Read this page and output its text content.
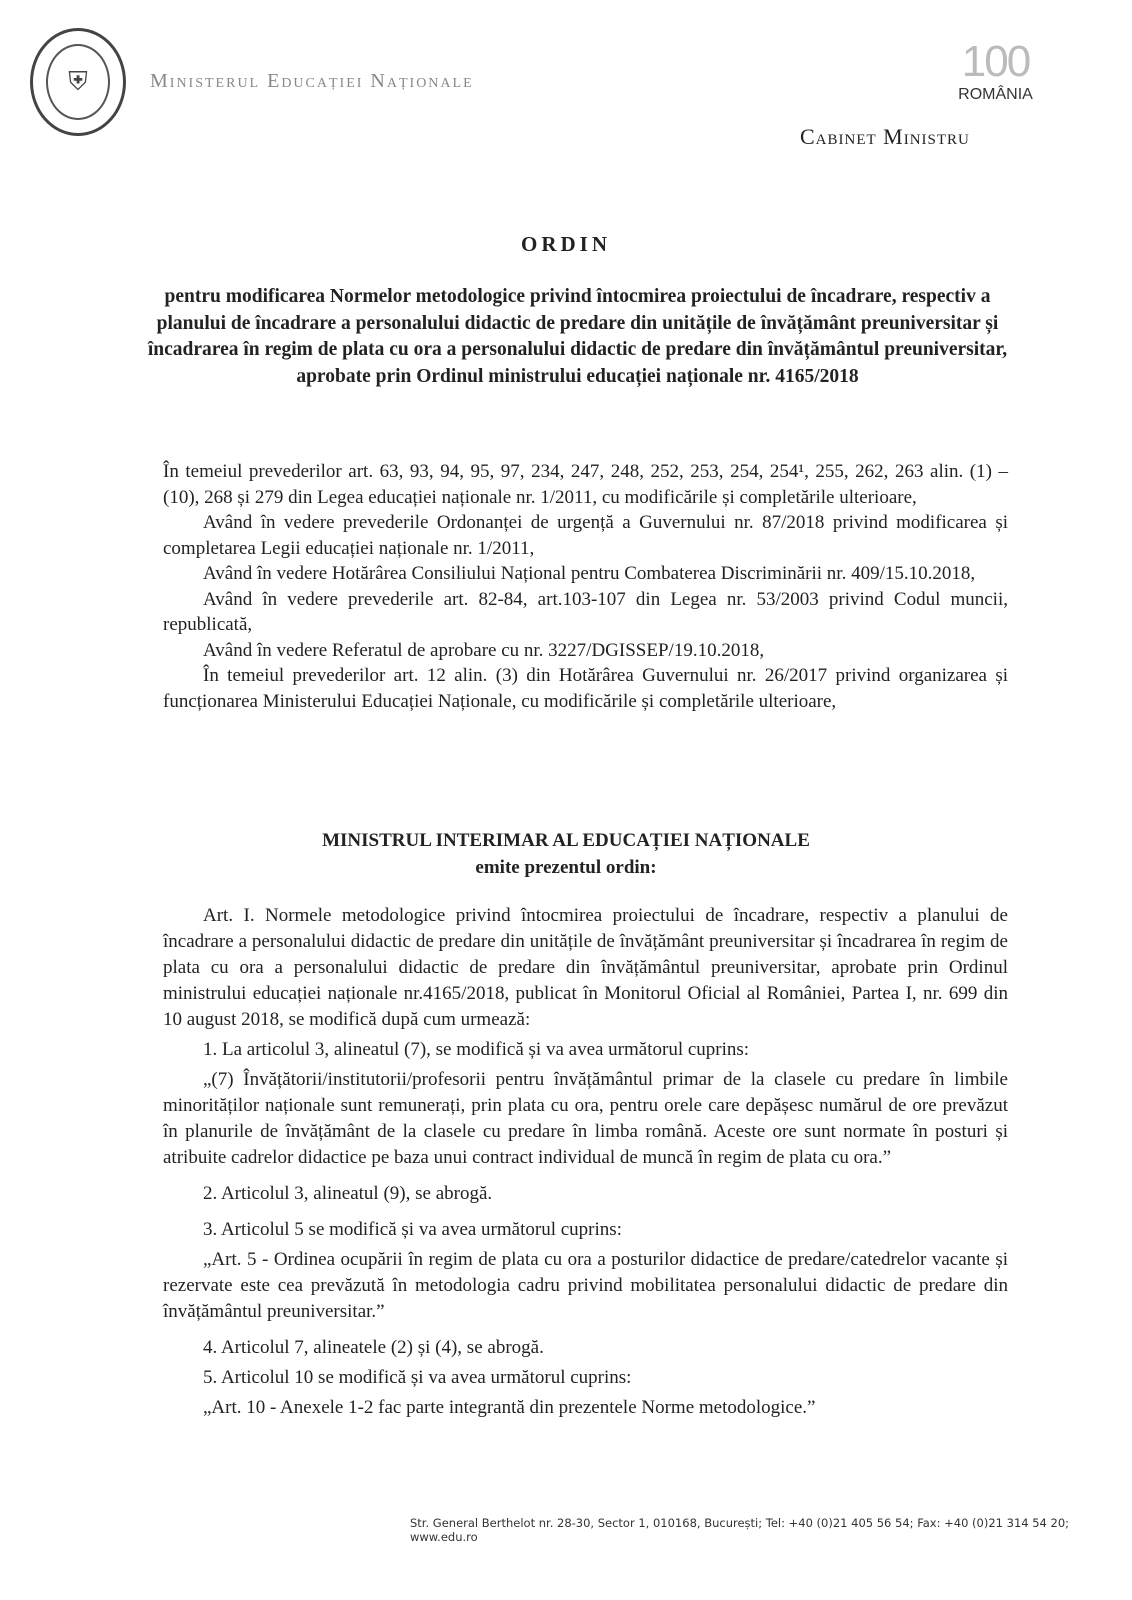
⛨	Ministerul Educației Naționale	100
ROMÂNIA
Cabinet Ministru
ORDIN
pentru modificarea Normelor metodologice privind întocmirea proiectului de încadrare, respectiv a planului de încadrare a personalului didactic de predare din unitățile de învățământ preuniversitar și încadrarea în regim de plata cu ora a personalului didactic de predare din învățământul preuniversitar, aprobate prin Ordinul ministrului educației naționale nr. 4165/2018

În temeiul prevederilor art. 63, 93, 94, 95, 97, 234, 247, 248, 252, 253, 254, 254¹, 255, 262, 263 alin. (1) – (10), 268 și 279 din Legea educației naționale nr. 1/2011, cu modificările și completările ulterioare,

Având în vedere prevederile Ordonanței de urgență a Guvernului nr. 87/2018 privind modificarea și completarea Legii educației naționale nr. 1/2011,

Având în vedere Hotărârea Consiliului Național pentru Combaterea Discriminării nr. 409/15.10.2018,

Având în vedere prevederile art. 82-84, art.103-107 din Legea nr. 53/2003 privind Codul muncii, republicată,

Având în vedere Referatul de aprobare cu nr. 3227/DGISSEP/19.10.2018,

În temeiul prevederilor art. 12 alin. (3) din Hotărârea Guvernului nr. 26/2017 privind organizarea și funcționarea Ministerului Educației Naționale, cu modificările și completările ulterioare,

MINISTRUL INTERIMAR AL EDUCAȚIEI NAȚIONALE
emite prezentul ordin:

Art. I. Normele metodologice privind întocmirea proiectului de încadrare, respectiv a planului de încadrare a personalului didactic de predare din unitățile de învățământ preuniversitar și încadrarea în regim de plata cu ora a personalului didactic de predare din învățământul preuniversitar, aprobate prin Ordinul ministrului educației naționale nr.4165/2018, publicat în Monitorul Oficial al României, Partea I, nr. 699 din 10 august 2018, se modifică după cum urmează:

1. La articolul 3, alineatul (7), se modifică și va avea următorul cuprins:

„(7) Învățătorii/institutorii/profesorii pentru învățământul primar de la clasele cu predare în limbile minorităților naționale sunt remunerați, prin plata cu ora, pentru orele care depășesc numărul de ore prevăzut în planurile de învățământ de la clasele cu predare în limba română. Aceste ore sunt normate în posturi și atribuite cadrelor didactice pe baza unui contract individual de muncă în regim de plata cu ora.”

2. Articolul 3, alineatul (9), se abrogă.

3. Articolul 5 se modifică și va avea următorul cuprins:

„Art. 5 - Ordinea ocupării în regim de plata cu ora a posturilor didactice de predare/catedrelor vacante și rezervate este cea prevăzută în metodologia cadru privind mobilitatea personalului didactic de predare din învățământul preuniversitar.”

4. Articolul 7, alineatele (2) și (4), se abrogă.

5. Articolul 10 se modifică și va avea următorul cuprins:

„Art. 10 - Anexele 1-2 fac parte integrantă din prezentele Norme metodologice.”

Str. General Berthelot nr. 28-30, Sector 1, 010168, București; Tel: +40 (0)21 405 56 54; Fax: +40 (0)21 314 54 20; www.edu.ro
